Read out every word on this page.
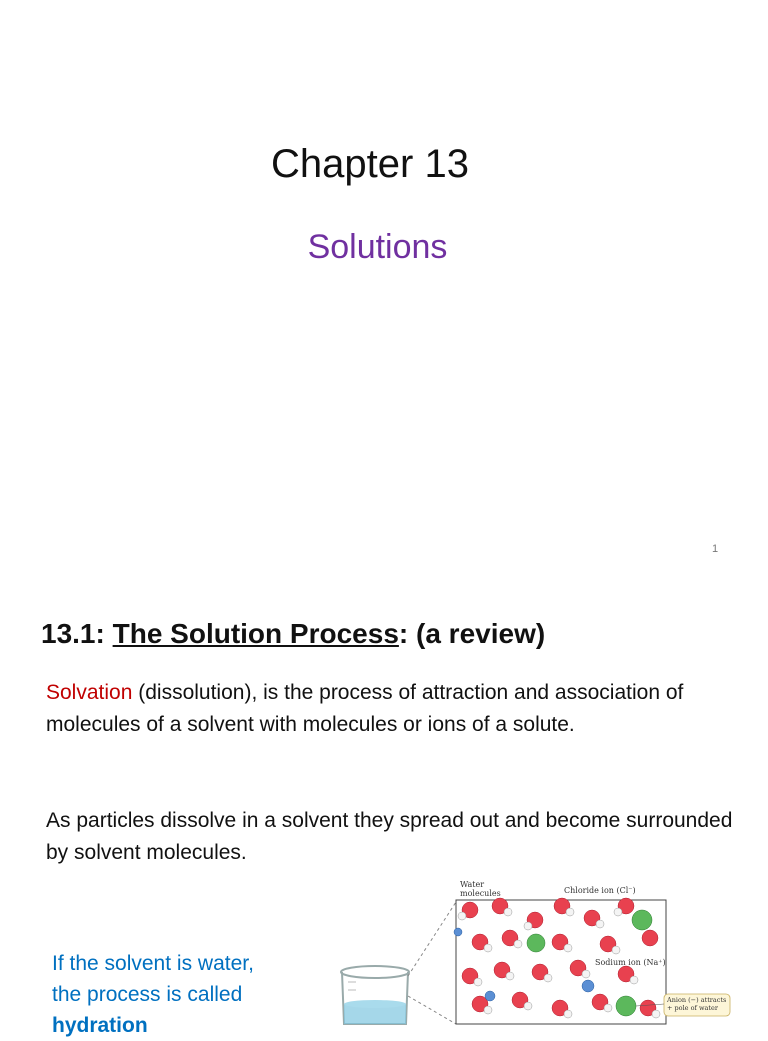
Chapter 13
Solutions
1
13.1: The Solution Process: (a review)
Solvation (dissolution), is the process of attraction and association of molecules of a solvent with molecules or ions of a solute.
As particles dissolve in a solvent they spread out and become surrounded by solvent molecules.
If the solvent is water,
the process is called
hydration
Water molecules	Chloride ion (Cl⁻)
Sodium ion (Na⁺)
Anion (−) attracts + pole of water
